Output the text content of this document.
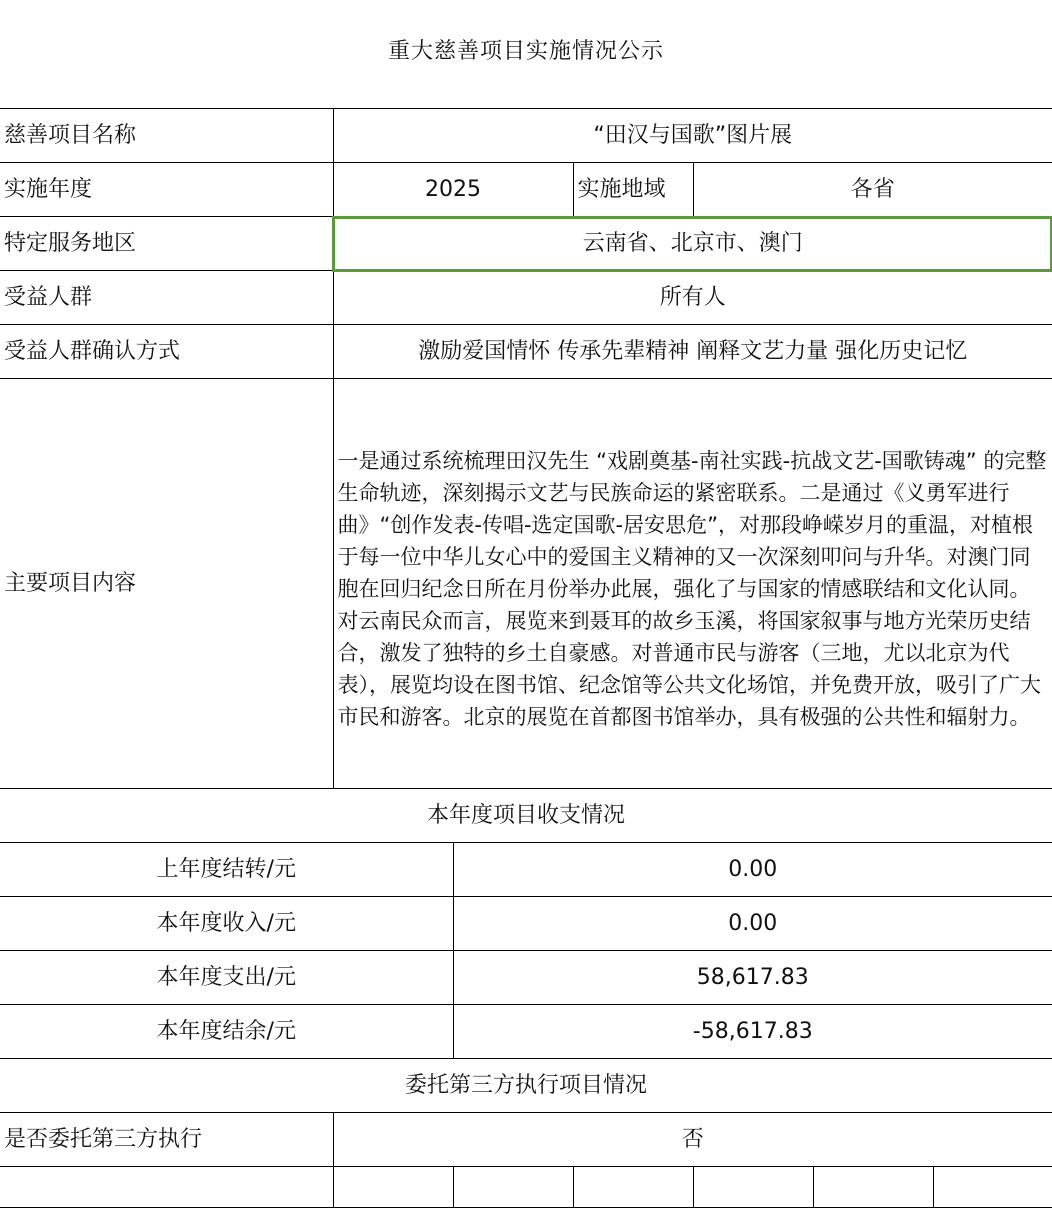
重大慈善项目实施情况公示
慈善项目名称	“田汉与国歌”图片展					
实施年度	2025		实施地域	各省		
特定服务地区	云南省、北京市、澳门					
受益人群	所有人					
受益人群确认方式	激励爱国情怀 传承先辈精神 阐释文艺力量 强化历史记忆					
主要项目内容	一是通过系统梳理田汉先生 “戏剧奠基-南社实践-抗战文艺-国歌铸魂” 的完整生命轨迹，深刻揭示文艺与民族命运的紧密联系。二是通过《义勇军进行曲》“创作发表-传唱-选定国歌-居安思危”，对那段峥嵘岁月的重温，对植根于每一位中华儿女心中的爱国主义精神的又一次深刻叩问与升华。对澳门同胞在回归纪念日所在月份举办此展，强化了与国家的情感联结和文化认同。 对云南民众而言，展览来到聂耳的故乡玉溪，将国家叙事与地方光荣历史结合，激发了独特的乡土自豪感。对普通市民与游客（三地，尤以北京为代表），展览均设在图书馆、纪念馆等公共文化场馆，并免费开放，吸引了广大市民和游客。北京的展览在首都图书馆举办，具有极强的公共性和辐射力。					

本年度项目收支情况						
上年度结转/元		0.00				
本年度收入/元		0.00				
本年度支出/元		58,617.83				
本年度结余/元		-58,617.83				
委托第三方执行项目情况						
是否委托第三方执行	否					
